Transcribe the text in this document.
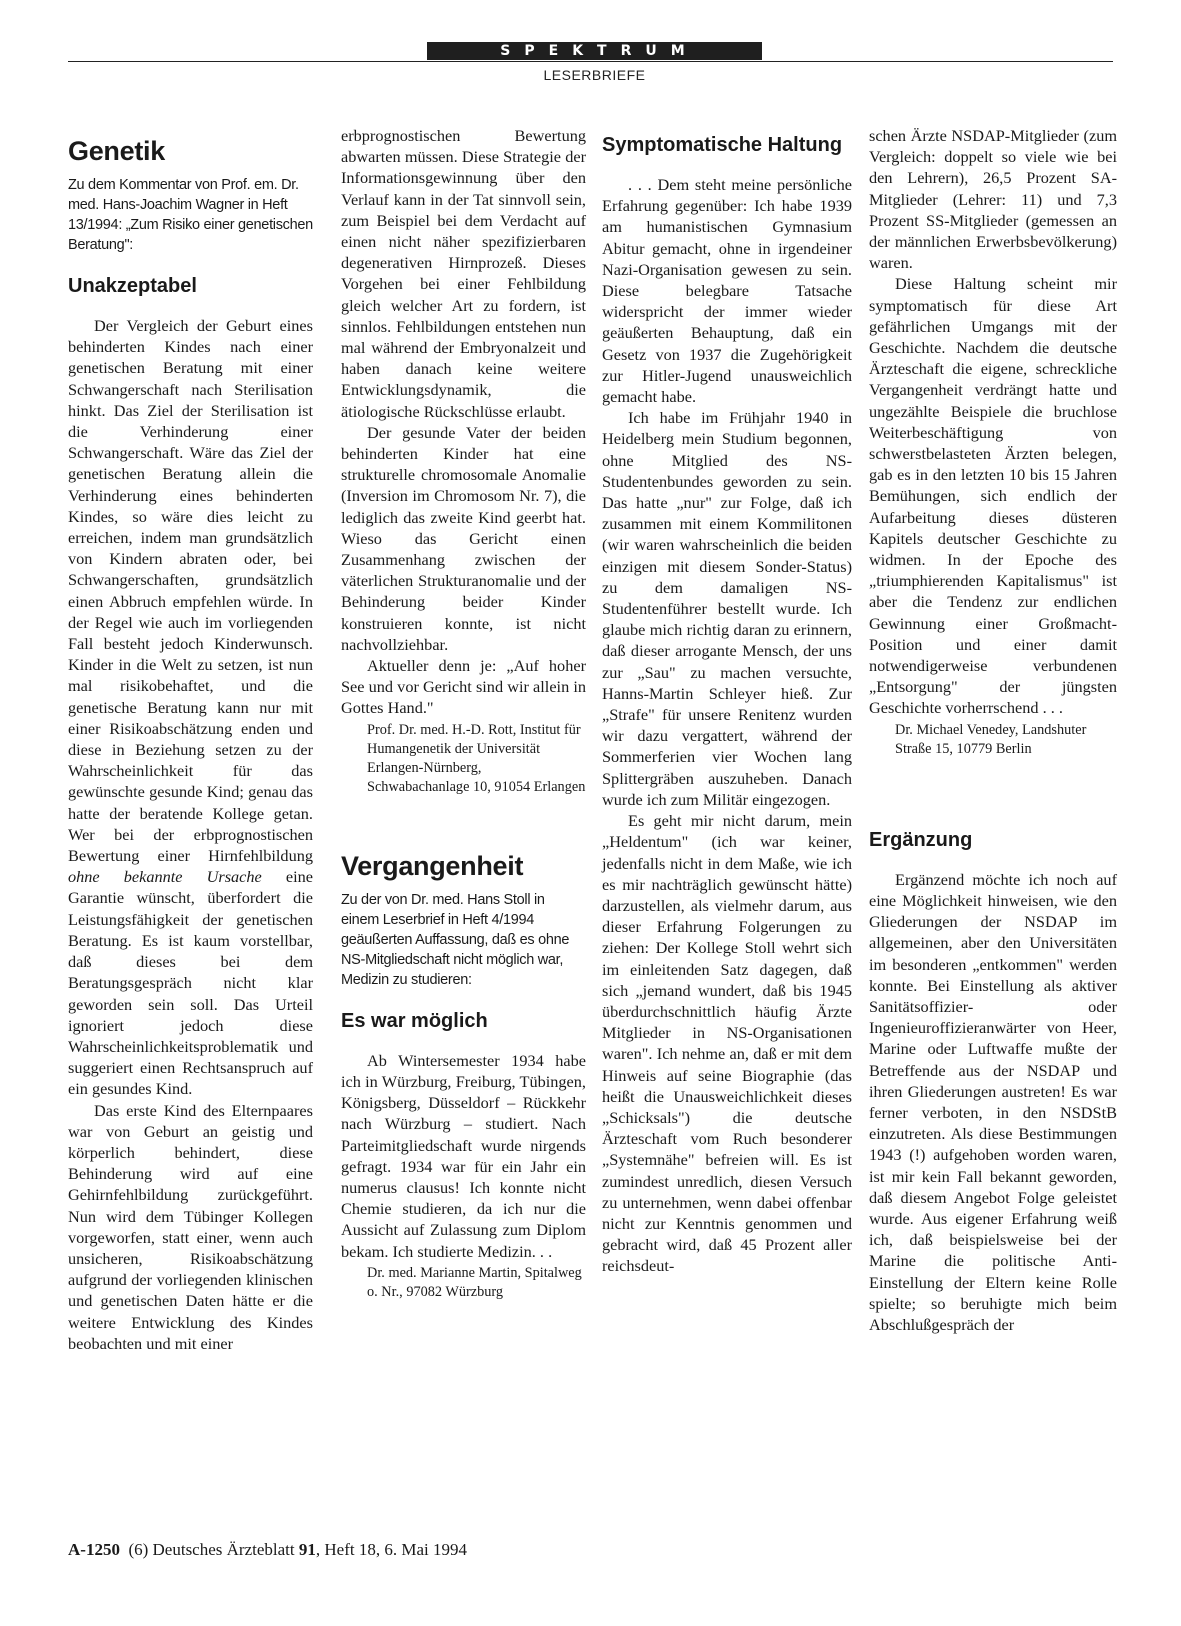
SPEKTRUM
LESERBRIEFE
Genetik
Zu dem Kommentar von Prof. em. Dr. med. Hans-Joachim Wagner in Heft 13/1994: „Zum Risiko einer genetischen Beratung":
Unakzeptabel

Der Vergleich der Geburt eines behinderten Kindes nach einer genetischen Beratung mit einer Schwangerschaft nach Sterilisation hinkt. Das Ziel der Sterilisation ist die Verhinderung einer Schwangerschaft. Wäre das Ziel der genetischen Beratung allein die Verhinderung eines behinderten Kindes, so wäre dies leicht zu erreichen, indem man grundsätzlich von Kindern abraten oder, bei Schwangerschaften, grundsätzlich einen Abbruch empfehlen würde. In der Regel wie auch im vorliegenden Fall besteht jedoch Kinderwunsch. Kinder in die Welt zu setzen, ist nun mal risikobehaftet, und die genetische Beratung kann nur mit einer Risikoabschätzung enden und diese in Beziehung setzen zu der Wahrscheinlichkeit für das gewünschte gesunde Kind; genau das hatte der beratende Kollege getan. Wer bei der erbprognostischen Bewertung einer Hirnfehlbildung ohne bekannte Ursache eine Garantie wünscht, überfordert die Leistungsfähigkeit der genetischen Beratung. Es ist kaum vorstellbar, daß dieses bei dem Beratungsgespräch nicht klar geworden sein soll. Das Urteil ignoriert jedoch diese Wahrscheinlichkeitsproblematik und suggeriert einen Rechtsanspruch auf ein gesundes Kind.

Das erste Kind des Elternpaares war von Geburt an geistig und körperlich behindert, diese Behinderung wird auf eine Gehirnfehlbildung zurückgeführt. Nun wird dem Tübinger Kollegen vorgeworfen, statt einer, wenn auch unsicheren, Risikoabschätzung aufgrund der vorliegenden klinischen und genetischen Daten hätte er die weitere Entwicklung des Kindes beobachten und mit einer

erbprognostischen Bewertung abwarten müssen. Diese Strategie der Informationsgewinnung über den Verlauf kann in der Tat sinnvoll sein, zum Beispiel bei dem Verdacht auf einen nicht näher spezifizierbaren degenerativen Hirnprozeß. Dieses Vorgehen bei einer Fehlbildung gleich welcher Art zu fordern, ist sinnlos. Fehlbildungen entstehen nun mal während der Embryonalzeit und haben danach keine weitere Entwicklungsdynamik, die ätiologische Rückschlüsse erlaubt.

Der gesunde Vater der beiden behinderten Kinder hat eine strukturelle chromosomale Anomalie (Inversion im Chromosom Nr. 7), die lediglich das zweite Kind geerbt hat. Wieso das Gericht einen Zusammenhang zwischen der väterlichen Strukturanomalie und der Behinderung beider Kinder konstruieren konnte, ist nicht nachvollziehbar.

Aktueller denn je: „Auf hoher See und vor Gericht sind wir allein in Gottes Hand."

Prof. Dr. med. H.-D. Rott, Institut für Humangenetik der Universität Erlangen-Nürnberg, Schwabachanlage 10, 91054 Erlangen
Vergangenheit
Zu der von Dr. med. Hans Stoll in einem Leserbrief in Heft 4/1994 geäußerten Auffassung, daß es ohne NS-Mitgliedschaft nicht möglich war, Medizin zu studieren:
Es war möglich

Ab Wintersemester 1934 habe ich in Würzburg, Freiburg, Tübingen, Königsberg, Düsseldorf – Rückkehr nach Würzburg – studiert. Nach Parteimitgliedschaft wurde nirgends gefragt. 1934 war für ein Jahr ein numerus clausus! Ich konnte nicht Chemie studieren, da ich nur die Aussicht auf Zulassung zum Diplom bekam. Ich studierte Medizin. . .

Dr. med. Marianne Martin, Spitalweg o. Nr., 97082 Würzburg
Symptomatische Haltung

. . . Dem steht meine persönliche Erfahrung gegenüber: Ich habe 1939 am humanistischen Gymnasium Abitur gemacht, ohne in irgendeiner Nazi-Organisation gewesen zu sein. Diese belegbare Tatsache widerspricht der immer wieder geäußerten Behauptung, daß ein Gesetz von 1937 die Zugehörigkeit zur Hitler-Jugend unausweichlich gemacht habe.

Ich habe im Frühjahr 1940 in Heidelberg mein Studium begonnen, ohne Mitglied des NS-Studentenbundes geworden zu sein. Das hatte „nur" zur Folge, daß ich zusammen mit einem Kommilitonen (wir waren wahrscheinlich die beiden einzigen mit diesem Sonder-Status) zu dem damaligen NS-Studentenführer bestellt wurde. Ich glaube mich richtig daran zu erinnern, daß dieser arrogante Mensch, der uns zur „Sau" zu machen versuchte, Hanns-Martin Schleyer hieß. Zur „Strafe" für unsere Renitenz wurden wir dazu vergattert, während der Sommerferien vier Wochen lang Splittergräben auszuheben. Danach wurde ich zum Militär eingezogen.

Es geht mir nicht darum, mein „Heldentum" (ich war keiner, jedenfalls nicht in dem Maße, wie ich es mir nachträglich gewünscht hätte) darzustellen, als vielmehr darum, aus dieser Erfahrung Folgerungen zu ziehen: Der Kollege Stoll wehrt sich im einleitenden Satz dagegen, daß sich „jemand wundert, daß bis 1945 überdurchschnittlich häufig Ärzte Mitglieder in NS-Organisationen waren". Ich nehme an, daß er mit dem Hinweis auf seine Biographie (das heißt die Unausweichlichkeit dieses „Schicksals") die deutsche Ärzteschaft vom Ruch besonderer „Systemnähe" befreien will. Es ist zumindest unredlich, diesen Versuch zu unternehmen, wenn dabei offenbar nicht zur Kenntnis genommen und gebracht wird, daß 45 Prozent aller reichsdeut-

schen Ärzte NSDAP-Mitglieder (zum Vergleich: doppelt so viele wie bei den Lehrern), 26,5 Prozent SA-Mitglieder (Lehrer: 11) und 7,3 Prozent SS-Mitglieder (gemessen an der männlichen Erwerbsbevölkerung) waren.

Diese Haltung scheint mir symptomatisch für diese Art gefährlichen Umgangs mit der Geschichte. Nachdem die deutsche Ärzteschaft die eigene, schreckliche Vergangenheit verdrängt hatte und ungezählte Beispiele die bruchlose Weiterbeschäftigung von schwerstbelasteten Ärzten belegen, gab es in den letzten 10 bis 15 Jahren Bemühungen, sich endlich der Aufarbeitung dieses düsteren Kapitels deutscher Geschichte zu widmen. In der Epoche des „triumphierenden Kapitalismus" ist aber die Tendenz zur endlichen Gewinnung einer Großmacht-Position und einer damit notwendigerweise verbundenen „Entsorgung" der jüngsten Geschichte vorherrschend . . .

Dr. Michael Venedey, Landshuter Straße 15, 10779 Berlin
Ergänzung

Ergänzend möchte ich noch auf eine Möglichkeit hinweisen, wie den Gliederungen der NSDAP im allgemeinen, aber den Universitäten im besonderen „entkommen" werden konnte. Bei Einstellung als aktiver Sanitätsoffizier- oder Ingenieuroffizieranwärter von Heer, Marine oder Luftwaffe mußte der Betreffende aus der NSDAP und ihren Gliederungen austreten! Es war ferner verboten, in den NSDStB einzutreten. Als diese Bestimmungen 1943 (!) aufgehoben worden waren, ist mir kein Fall bekannt geworden, daß diesem Angebot Folge geleistet wurde. Aus eigener Erfahrung weiß ich, daß beispielsweise bei der Marine die politische Anti-Einstellung der Eltern keine Rolle spielte; so beruhigte mich beim Abschlußgespräch der

A-1250 (6) Deutsches Ärzteblatt 91, Heft 18, 6. Mai 1994
